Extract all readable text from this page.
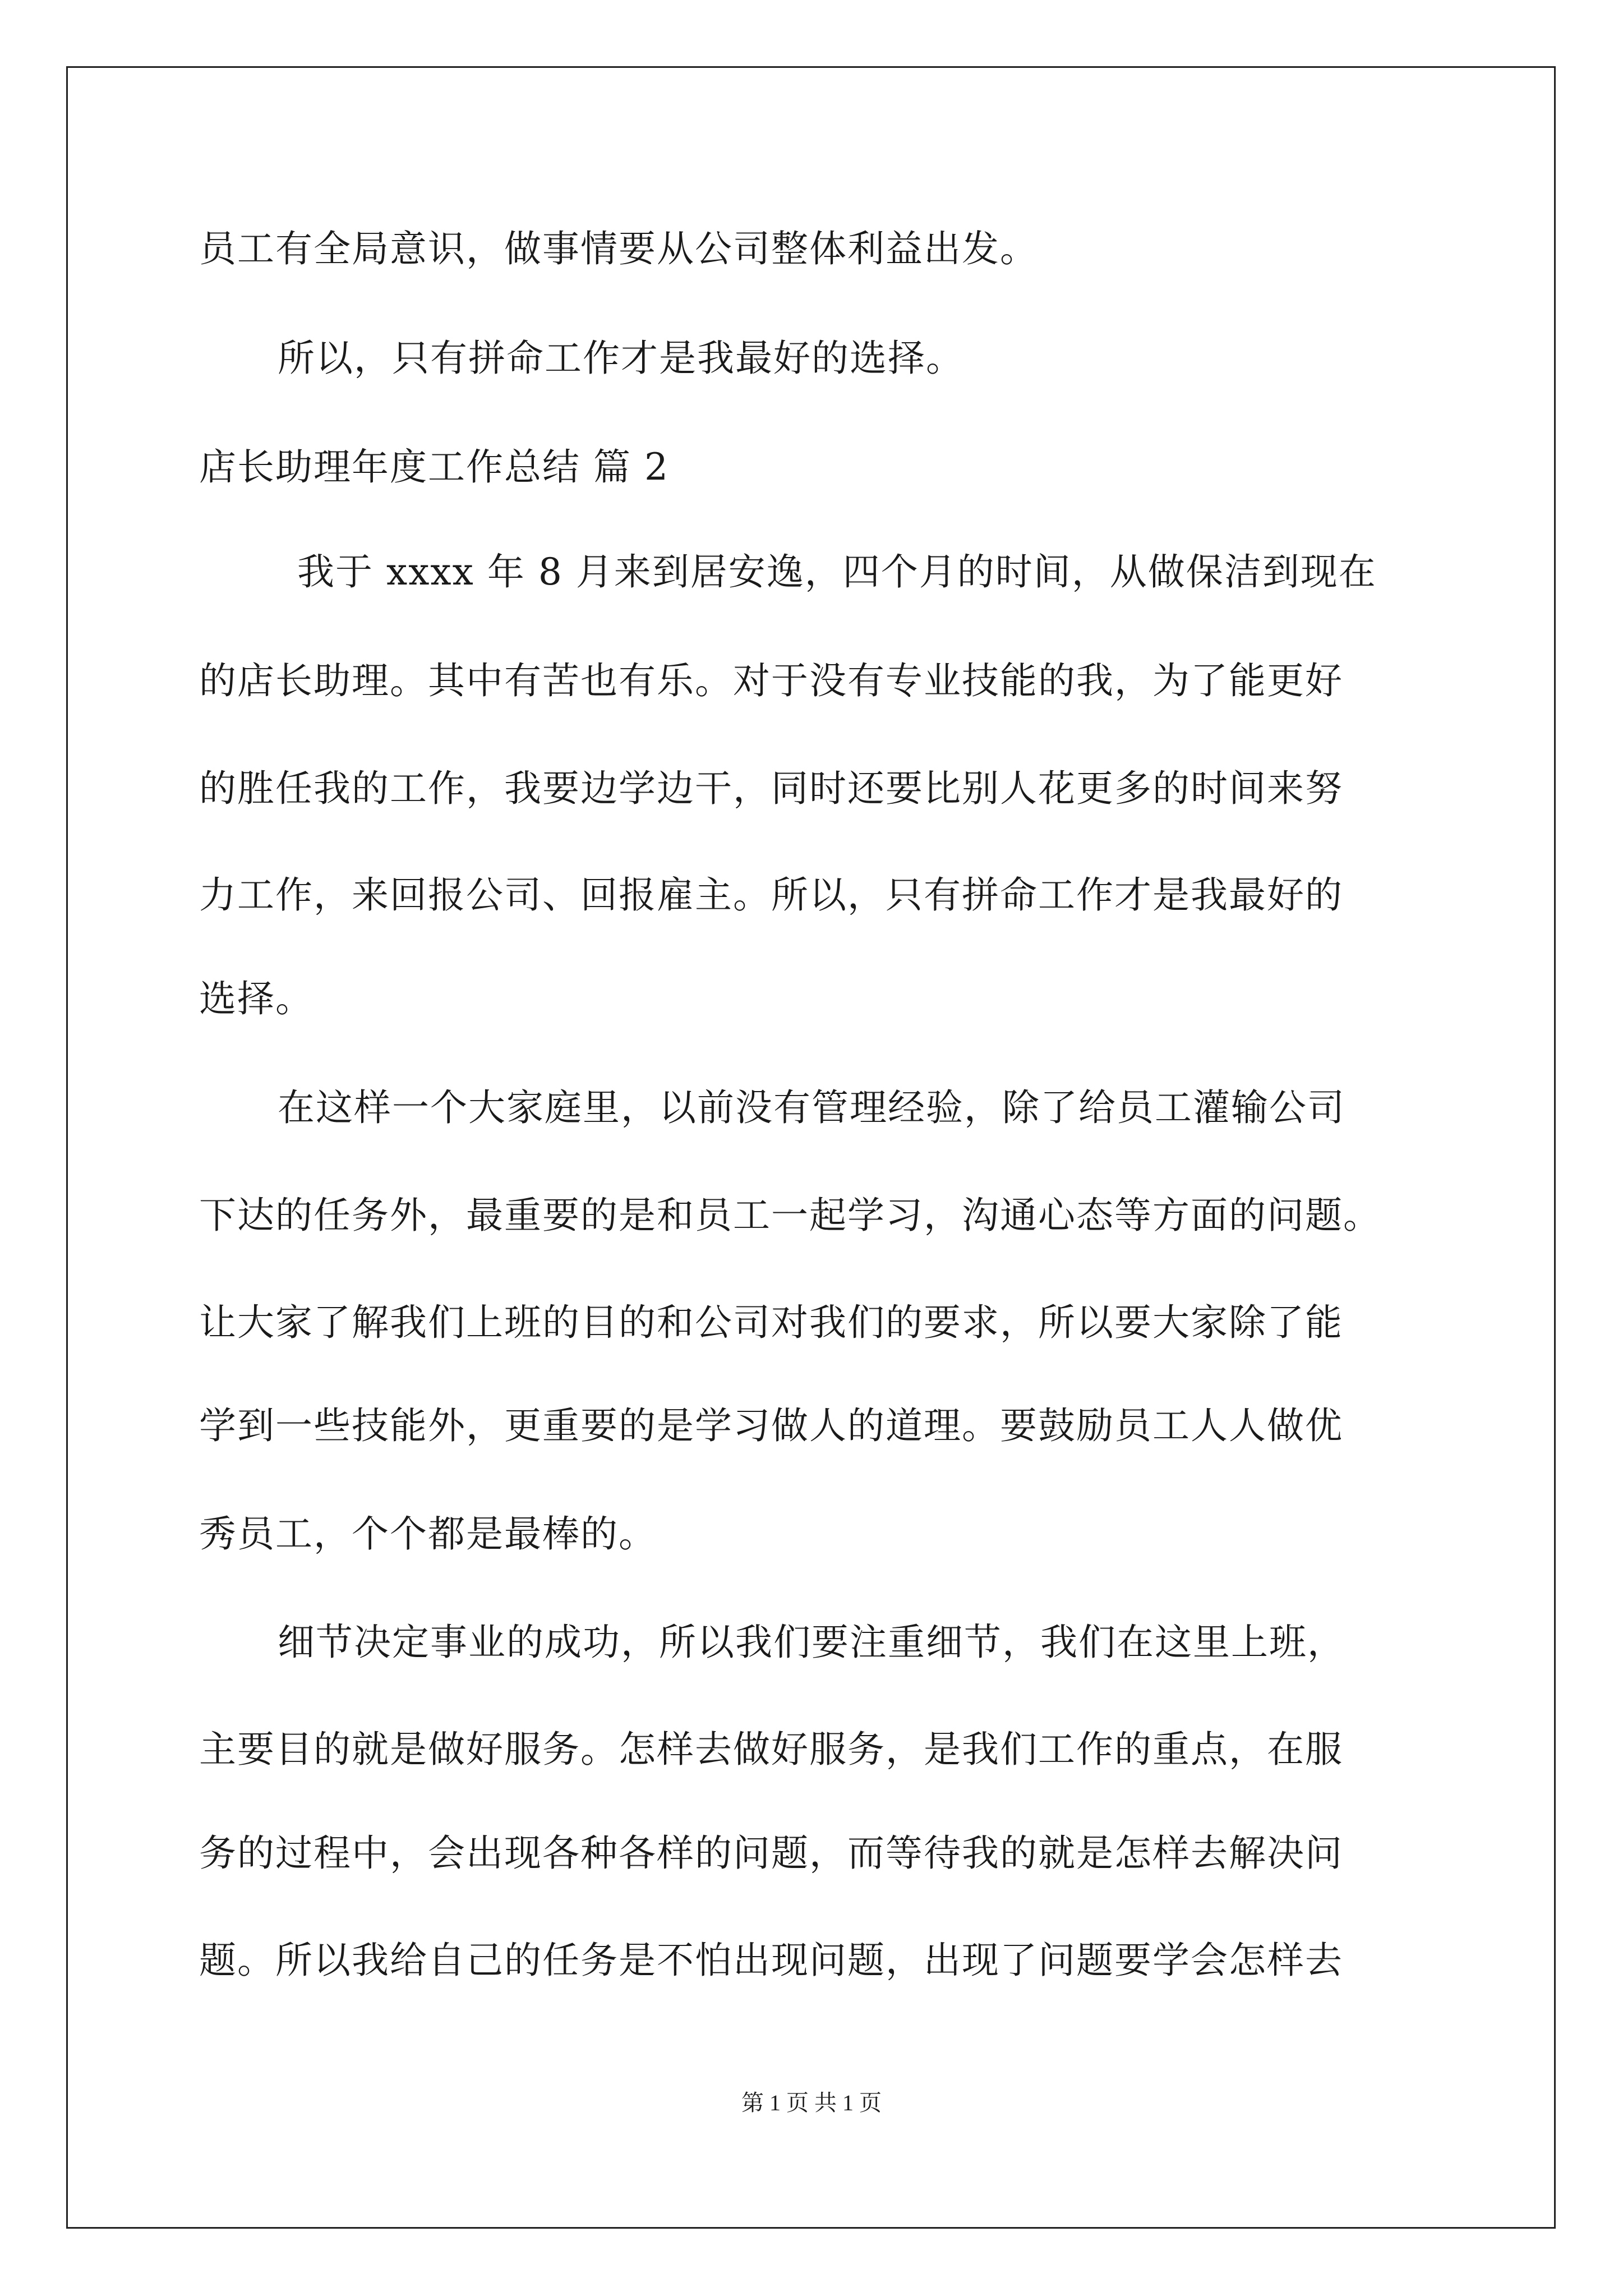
员工有全局意识，做事情要从公司整体利益出发。
所以，只有拼命工作才是我最好的选择。
店长助理年度工作总结 篇 2
我于 xxxx 年 8 月来到居安逸，四个月的时间，从做保洁到现在
的店长助理。其中有苦也有乐。对于没有专业技能的我，为了能更好
的胜任我的工作，我要边学边干，同时还要比别人花更多的时间来努
力工作，来回报公司、回报雇主。所以，只有拼命工作才是我最好的
选择。
在这样一个大家庭里，以前没有管理经验，除了给员工灌输公司
下达的任务外，最重要的是和员工一起学习，沟通心态等方面的问题。
让大家了解我们上班的目的和公司对我们的要求，所以要大家除了能
学到一些技能外，更重要的是学习做人的道理。要鼓励员工人人做优
秀员工，个个都是最棒的。
细节决定事业的成功，所以我们要注重细节，我们在这里上班，
主要目的就是做好服务。怎样去做好服务，是我们工作的重点，在服
务的过程中，会出现各种各样的问题，而等待我的就是怎样去解决问
题。所以我给自己的任务是不怕出现问题，出现了问题要学会怎样去
第 1 页 共 1 页
